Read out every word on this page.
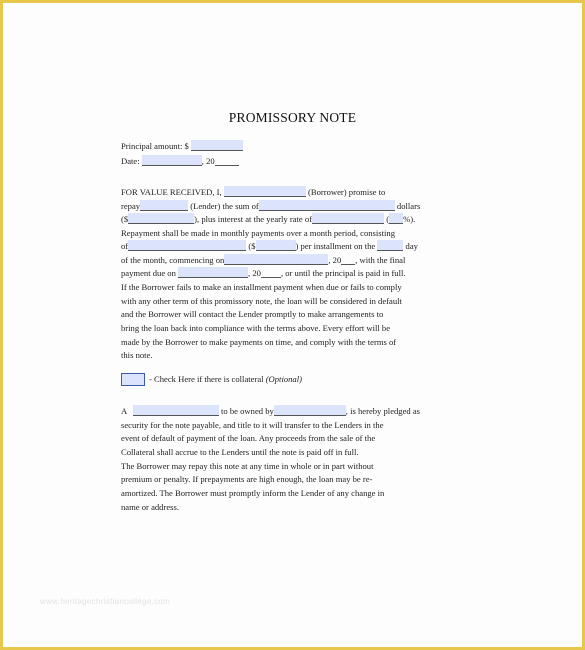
PROMISSORY NOTE
Principal amount: $
Date:	, 20
FOR VALUE RECEIVED, I,	(Borrower) promise to
repay	(Lender) the sum of	dollars
($	), plus interest at the yearly rate of	( %).
Repayment shall be made in monthly payments over a month period, consisting
of	($	) per installment on the	day
of the month, commencing on	, 20 , with the final
payment due on	, 20 , or until the principal is paid in full.
If the Borrower fails to make an installment payment when due or fails to comply
with any other term of this promissory note, the loan will be considered in default
and the Borrower will contact the Lender promptly to make arrangements to
bring the loan back into compliance with the terms above. Every effort will be
made by the Borrower to make payments on time, and comply with the terms of
this note.
- Check Here if there is collateral (Optional)
A	to be owned by	, is hereby pledged as
security for the note payable, and title to it will transfer to the Lenders in the
event of default of payment of the loan. Any proceeds from the sale of the
Collateral shall accrue to the Lenders until the note is paid off in full.
The Borrower may repay this note at any time in whole or in part without
premium or penalty. If prepayments are high enough, the loan may be re-
amortized. The Borrower must promptly inform the Lender of any change in
name or address.
www.heritagechristiancollege.com
